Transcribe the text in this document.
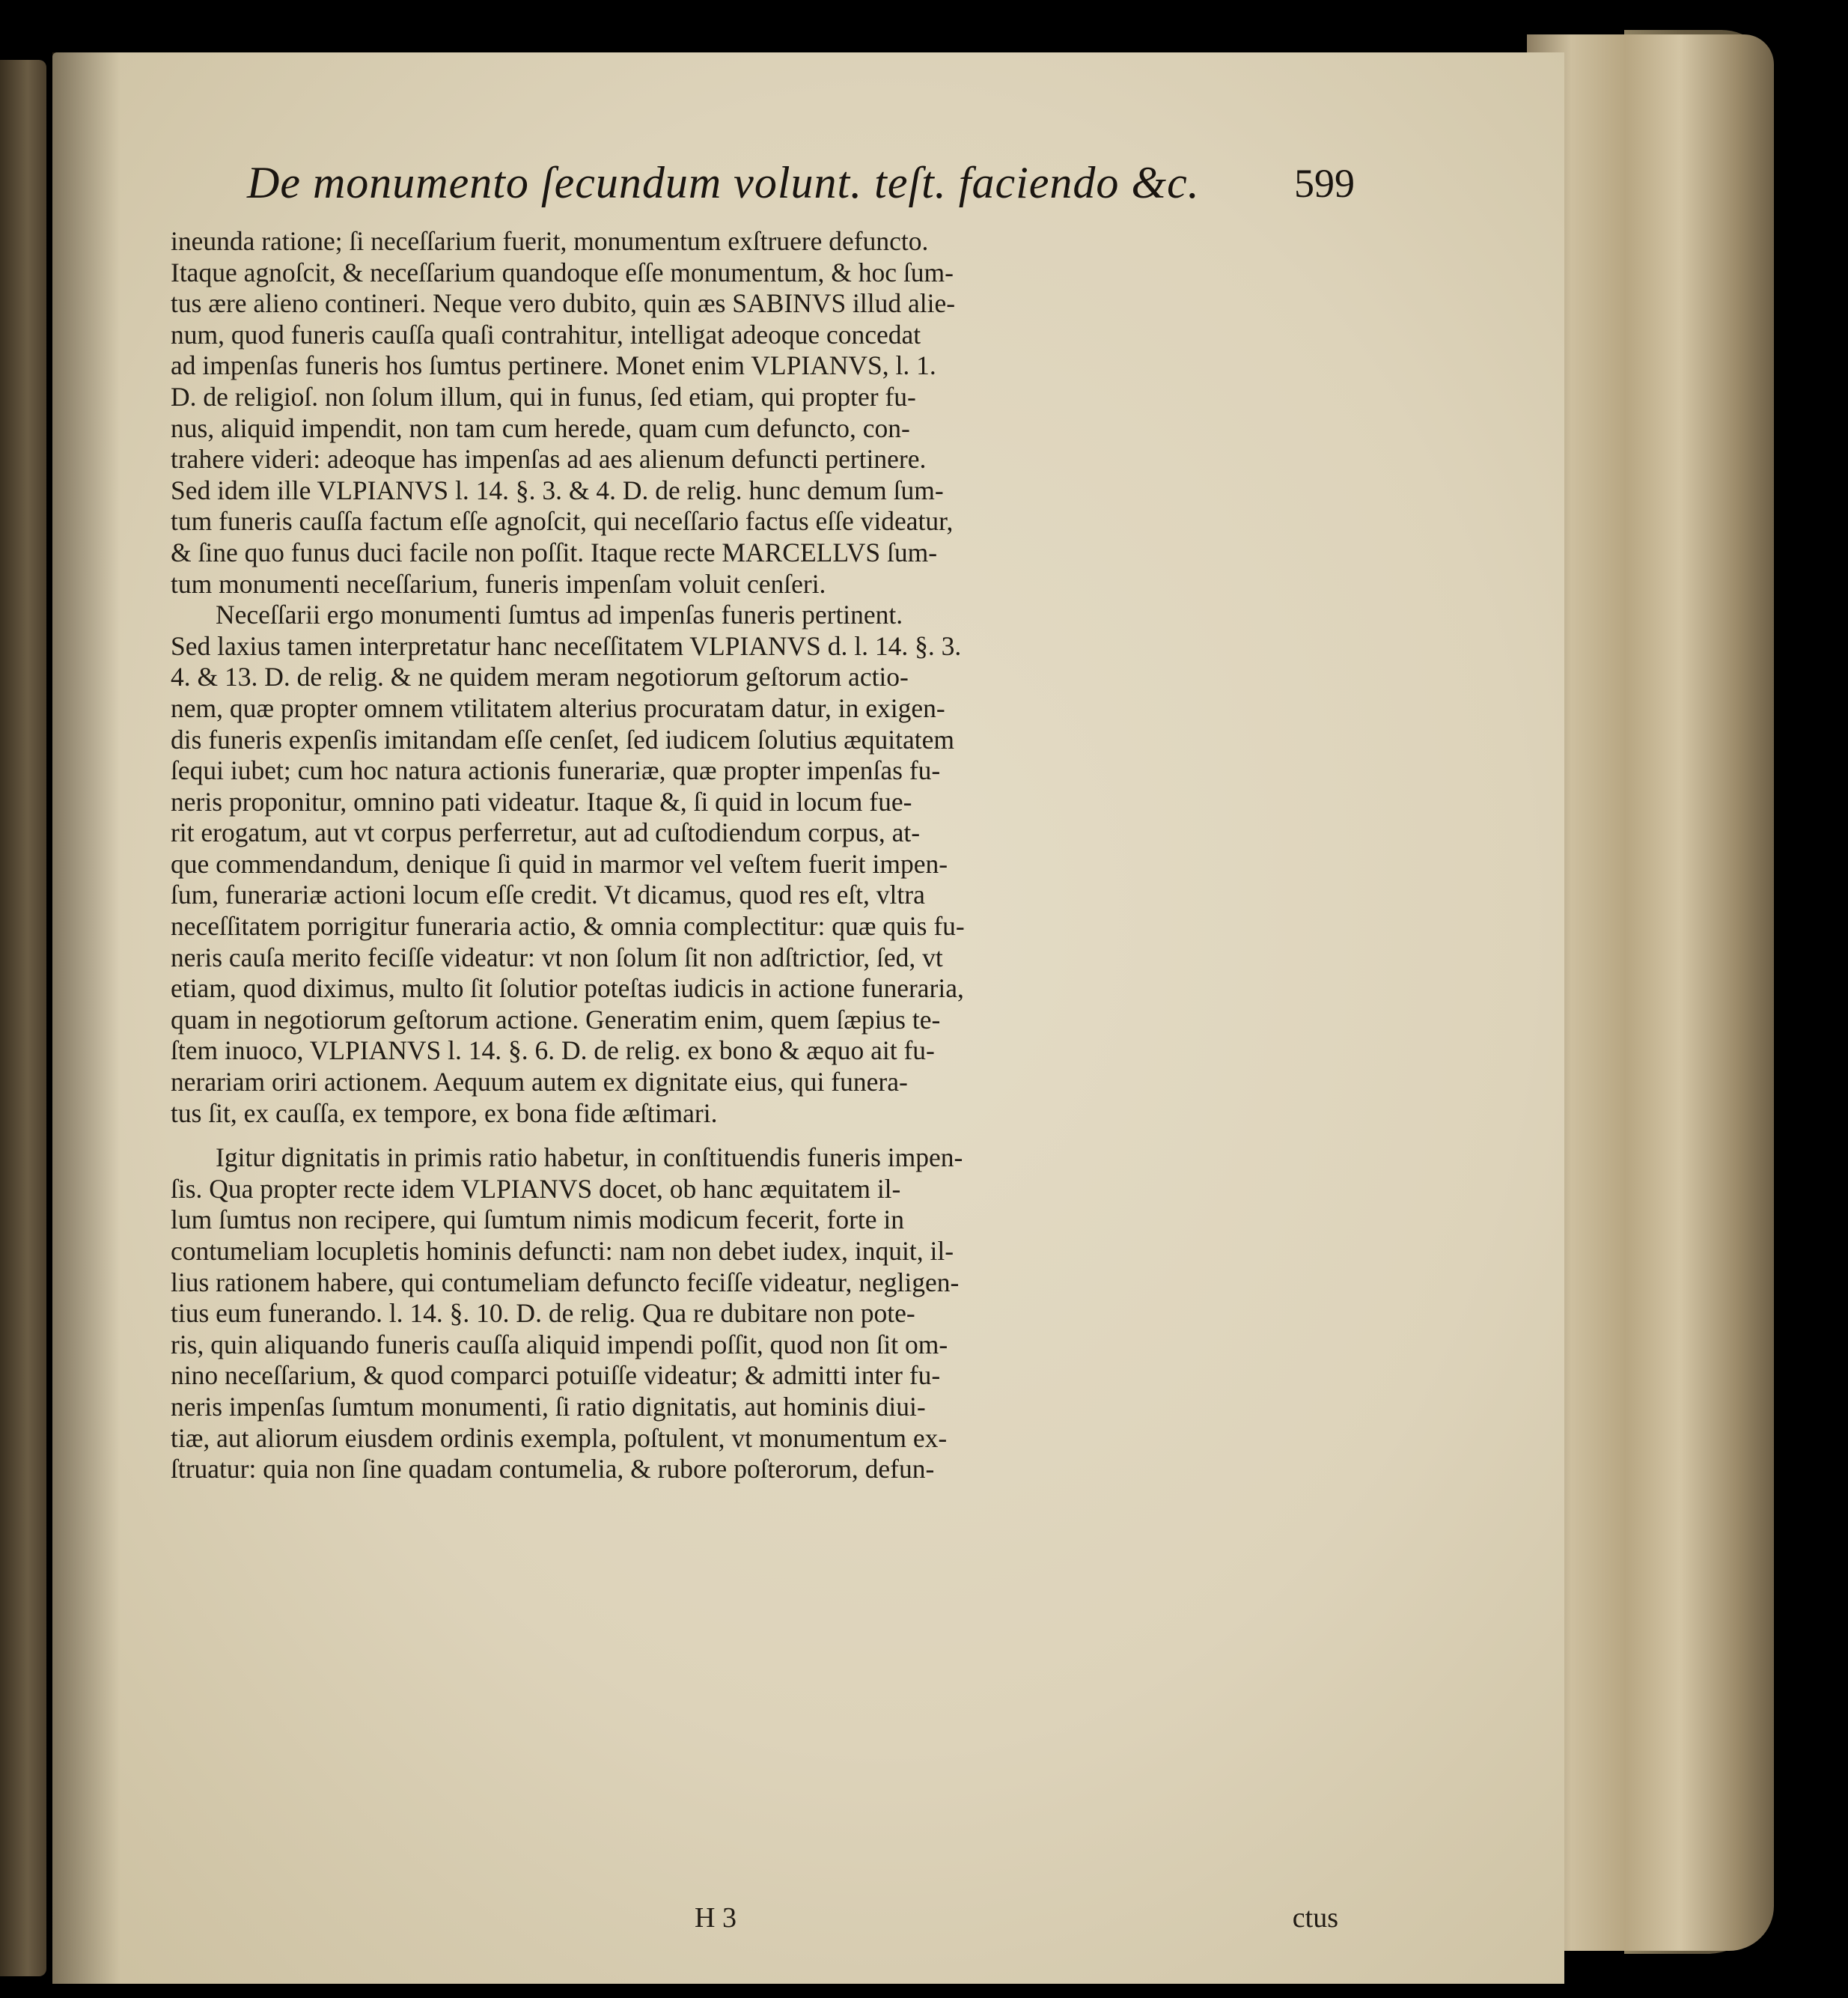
De monumento ſecundum volunt. teſt. faciendo &c. 599
ineunda ratione; ſi neceſſarium fuerit, monumentum exſtruere defuncto.
Itaque agnoſcit, & neceſſarium quandoque eſſe monumentum, & hoc ſum-
tus ære alieno contineri. Neque vero dubito, quin æs SABINVS illud alie-
num, quod funeris cauſſa quaſi contrahitur, intelligat adeoque concedat
ad impenſas funeris hos ſumtus pertinere. Monet enim VLPIANVS, l. 1.
D. de religioſ. non ſolum illum, qui in funus, ſed etiam, qui propter fu-
nus, aliquid impendit, non tam cum herede, quam cum defuncto, con-
trahere videri: adeoque has impenſas ad aes alienum defuncti pertinere.
Sed idem ille VLPIANVS l. 14. §. 3. & 4. D. de relig. hunc demum ſum-
tum funeris cauſſa factum eſſe agnoſcit, qui neceſſario factus eſſe videatur,
& ſine quo funus duci facile non poſſit. Itaque recte MARCELLVS ſum-
tum monumenti neceſſarium, funeris impenſam voluit cenſeri.
Neceſſarii ergo monumenti ſumtus ad impenſas funeris pertinent.
Sed laxius tamen interpretatur hanc neceſſitatem VLPIANVS d. l. 14. §. 3.
4. & 13. D. de relig. & ne quidem meram negotiorum geſtorum actio-
nem, quæ propter omnem vtilitatem alterius procuratam datur, in exigen-
dis funeris expenſis imitandam eſſe cenſet, ſed iudicem ſolutius æquitatem
ſequi iubet; cum hoc natura actionis funerariæ, quæ propter impenſas fu-
neris proponitur, omnino pati videatur. Itaque &, ſi quid in locum fue-
rit erogatum, aut vt corpus perferretur, aut ad cuſtodiendum corpus, at-
que commendandum, denique ſi quid in marmor vel veſtem fuerit impen-
ſum, funerariæ actioni locum eſſe credit. Vt dicamus, quod res eſt, vltra
neceſſitatem porrigitur funeraria actio, & omnia complectitur: quæ quis fu-
neris cauſa merito feciſſe videatur: vt non ſolum ſit non adſtrictior, ſed, vt
etiam, quod diximus, multo ſit ſolutior poteſtas iudicis in actione funeraria,
quam in negotiorum geſtorum actione. Generatim enim, quem ſæpius te-
ſtem inuoco, VLPIANVS l. 14. §. 6. D. de relig. ex bono & æquo ait fu-
nerariam oriri actionem. Aequum autem ex dignitate eius, qui funera-
tus ſit, ex cauſſa, ex tempore, ex bona fide æſtimari.
Igitur dignitatis in primis ratio habetur, in conſtituendis funeris impen-
ſis. Qua propter recte idem VLPIANVS docet, ob hanc æquitatem il-
lum ſumtus non recipere, qui ſumtum nimis modicum fecerit, forte in
contumeliam locupletis hominis defuncti: nam non debet iudex, inquit, il-
lius rationem habere, qui contumeliam defuncto feciſſe videatur, negligen-
tius eum funerando. l. 14. §. 10. D. de relig. Qua re dubitare non pote-
ris, quin aliquando funeris cauſſa aliquid impendi poſſit, quod non ſit om-
nino neceſſarium, & quod comparci potuiſſe videatur; & admitti inter fu-
neris impenſas ſumtum monumenti, ſi ratio dignitatis, aut hominis diui-
tiæ, aut aliorum eiusdem ordinis exempla, poſtulent, vt monumentum ex-
ſtruatur: quia non ſine quadam contumelia, & rubore poſterorum, defun-
H 3	ctus
